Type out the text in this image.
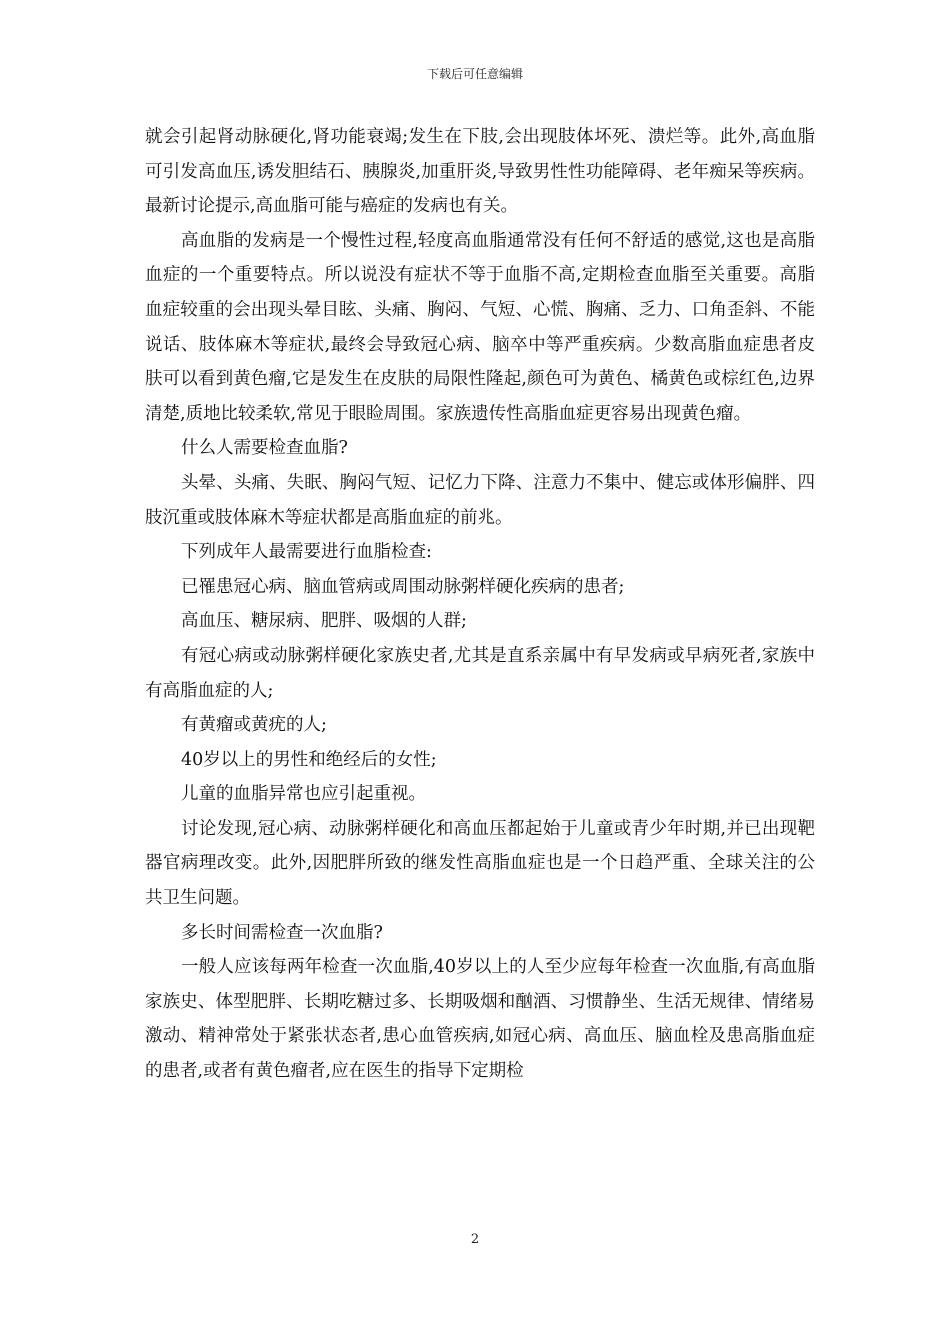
下载后可任意编辑

就会引起肾动脉硬化,肾功能衰竭;发生在下肢,会出现肢体坏死、溃烂等。此外,高血脂可引发高血压,诱发胆结石、胰腺炎,加重肝炎,导致男性性功能障碍、老年痴呆等疾病。最新讨论提示,高血脂可能与癌症的发病也有关。

高血脂的发病是一个慢性过程,轻度高血脂通常没有任何不舒适的感觉,这也是高脂血症的一个重要特点。所以说没有症状不等于血脂不高,定期检查血脂至关重要。高脂血症较重的会出现头晕目眩、头痛、胸闷、气短、心慌、胸痛、乏力、口角歪斜、不能说话、肢体麻木等症状,最终会导致冠心病、脑卒中等严重疾病。少数高脂血症患者皮肤可以看到黄色瘤,它是发生在皮肤的局限性隆起,颜色可为黄色、橘黄色或棕红色,边界清楚,质地比较柔软,常见于眼睑周围。家族遗传性高脂血症更容易出现黄色瘤。

什么人需要检查血脂?

头晕、头痛、失眠、胸闷气短、记忆力下降、注意力不集中、健忘或体形偏胖、四肢沉重或肢体麻木等症状都是高脂血症的前兆。

下列成年人最需要进行血脂检查:

已罹患冠心病、脑血管病或周围动脉粥样硬化疾病的患者;

高血压、糖尿病、肥胖、吸烟的人群;

有冠心病或动脉粥样硬化家族史者,尤其是直系亲属中有早发病或早病死者,家族中有高脂血症的人;

有黄瘤或黄疣的人;

40岁以上的男性和绝经后的女性;

儿童的血脂异常也应引起重视。

讨论发现,冠心病、动脉粥样硬化和高血压都起始于儿童或青少年时期,并已出现靶器官病理改变。此外,因肥胖所致的继发性高脂血症也是一个日趋严重、全球关注的公共卫生问题。

多长时间需检查一次血脂?

一般人应该每两年检查一次血脂,40岁以上的人至少应每年检查一次血脂,有高血脂家族史、体型肥胖、长期吃糖过多、长期吸烟和酗酒、习惯静坐、生活无规律、情绪易激动、精神常处于紧张状态者,患心血管疾病,如冠心病、高血压、脑血栓及患高脂血症的患者,或者有黄色瘤者,应在医生的指导下定期检

2
